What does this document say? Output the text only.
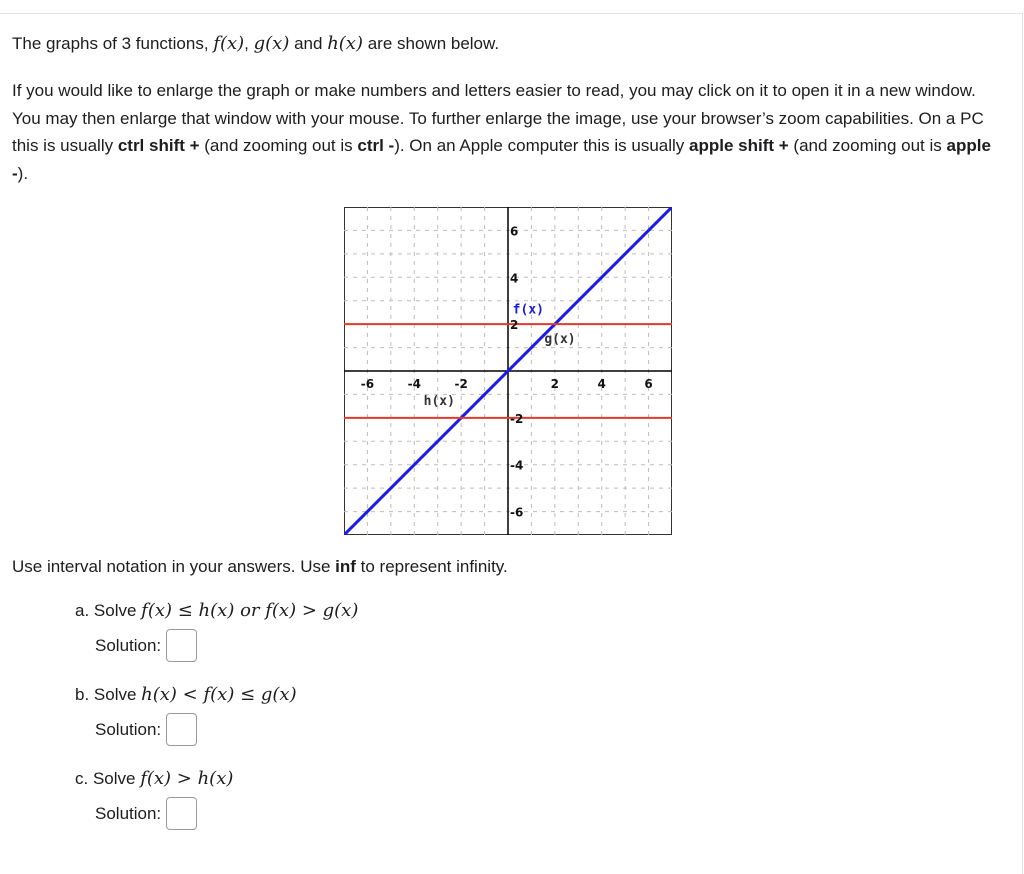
The graphs of 3 functions, f(x), g(x) and h(x) are shown below.

If you would like to enlarge the graph or make numbers and letters easier to read, you may click on it to open it in a new window. You may then enlarge that window with your mouse. To further enlarge the image, use your browser’s zoom capabilities. On a PC this is usually ctrl shift + (and zooming out is ctrl -). On an Apple computer this is usually apple shift + (and zooming out is apple -).

-6	-4	-2	2	4	6
6
4
2
-2
-4
-6
f(x)
g(x)
h(x)

Use interval notation in your answers. Use inf to represent infinity.

a. Solve f(x) ≤ h(x) or f(x) > g(x)
Solution:
b. Solve h(x) < f(x) ≤ g(x)
Solution:
c. Solve f(x) > h(x)
Solution:
